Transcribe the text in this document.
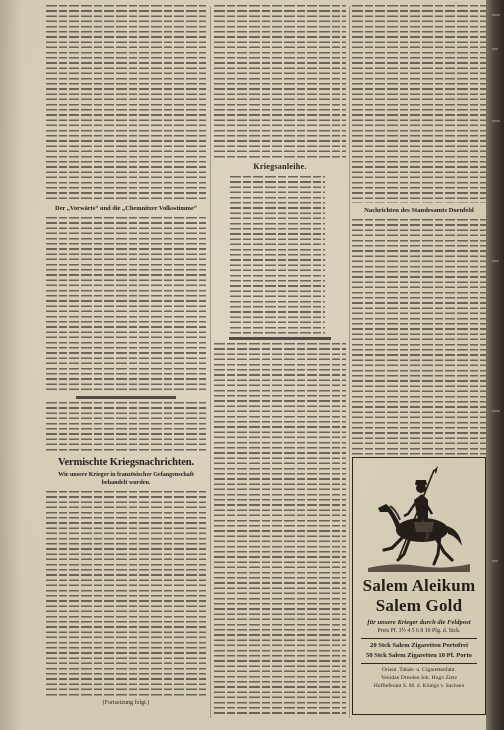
Der „Vorwärts“ und die „Chemnitzer Volksstimme“
Vermischte Kriegsnachrichten.
Wie unsere Krieger in französischer Gefangenschaft
behandelt wurden.
(Fortsetzung folgt.)
Kriegsanleihe.
Nachrichten des Standesamts Dornfeld
Salem Aleikum
Salem Gold
für unsere Krieger durch die Feldpost
Preis Pf. 3½ 4 5 6 8 10 Pfg. d. Stck.
20 Stck Salem Zigaretten Portofrei
50 Stck Salem Zigaretten 10 Pf. Porto
Orient. Tabak- u. Cigarettenfabr.
Yenidze Dresden Inh. Hugo Zietz
Hoflieferant S. M. d. Königs v. Sachsen
